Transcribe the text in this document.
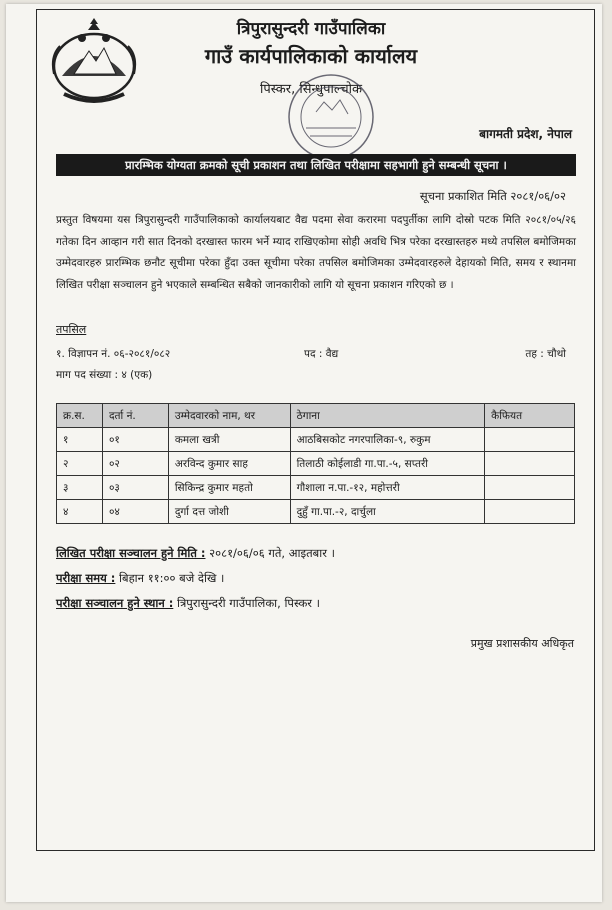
त्रिपुरासुन्दरी गाउँपालिका
गाउँ कार्यपालिकाको कार्यालय
पिस्कर, सिन्धुपाल्चोक
बागमती प्रदेश, नेपाल
प्रारम्भिक योग्यता क्रमको सूची प्रकाशन तथा लिखित परीक्षामा सहभागी हुने सम्बन्धी सूचना ।
सूचना प्रकाशित मिति २०८१/०६/०२
प्रस्तुत विषयमा यस त्रिपुरासुन्दरी गाउँपालिकाको कार्यालयबाट वैद्य पदमा सेवा करारमा पदपुर्तीका लागि दोस्रो पटक मिति २०८१/०५/२६ गतेका दिन आव्हान गरी सात दिनको दरखास्त फारम भर्ने म्याद राखिएकोमा सोही अवधि भित्र परेका दरखास्तहरु मध्ये तपसिल बमोजिमका उम्मेदवारहरु प्रारम्भिक छनौट सूचीमा परेका हुँदा उक्त सूचीमा परेका तपसिल बमोजिमका उम्मेदवारहरुले देहायको मिति, समय र स्थानमा लिखित परीक्षा सञ्चालन हुने भएकाले सम्बन्धित सबैको जानकारीको लागि यो सूचना प्रकाशन गरिएको छ ।
तपसिल
१. विज्ञापन नं. ०६-२०८१/०८२	पद : वैद्य	तह : चौथो
माग पद संख्या : ४ (एक)
क्र.स.	दर्ता नं.	उम्मेदवारको नाम, थर	ठेगाना	कैफियत
१	०१	कमला खत्री	आठबिसकोट नगरपालिका-९, रुकुम	
२	०२	अरविन्द कुमार साह	तिलाठी कोईलाडी गा.पा.-५, सप्तरी	
३	०३	सिकिन्द्र कुमार महतो	गौशाला न.पा.-१२, महोत्तरी	
४	०४	दुर्गा दत्त जोशी	दुहुँ गा.पा.-२, दार्चुला	
लिखित परीक्षा सञ्चालन हुने मिति : २०८१/०६/०६ गते, आइतबार ।
परीक्षा समय : बिहान ११:०० बजे देखि ।
परीक्षा सञ्चालन हुने स्थान : त्रिपुरासुन्दरी गाउँपालिका, पिस्कर ।
प्रमुख प्रशासकीय अधिकृत
